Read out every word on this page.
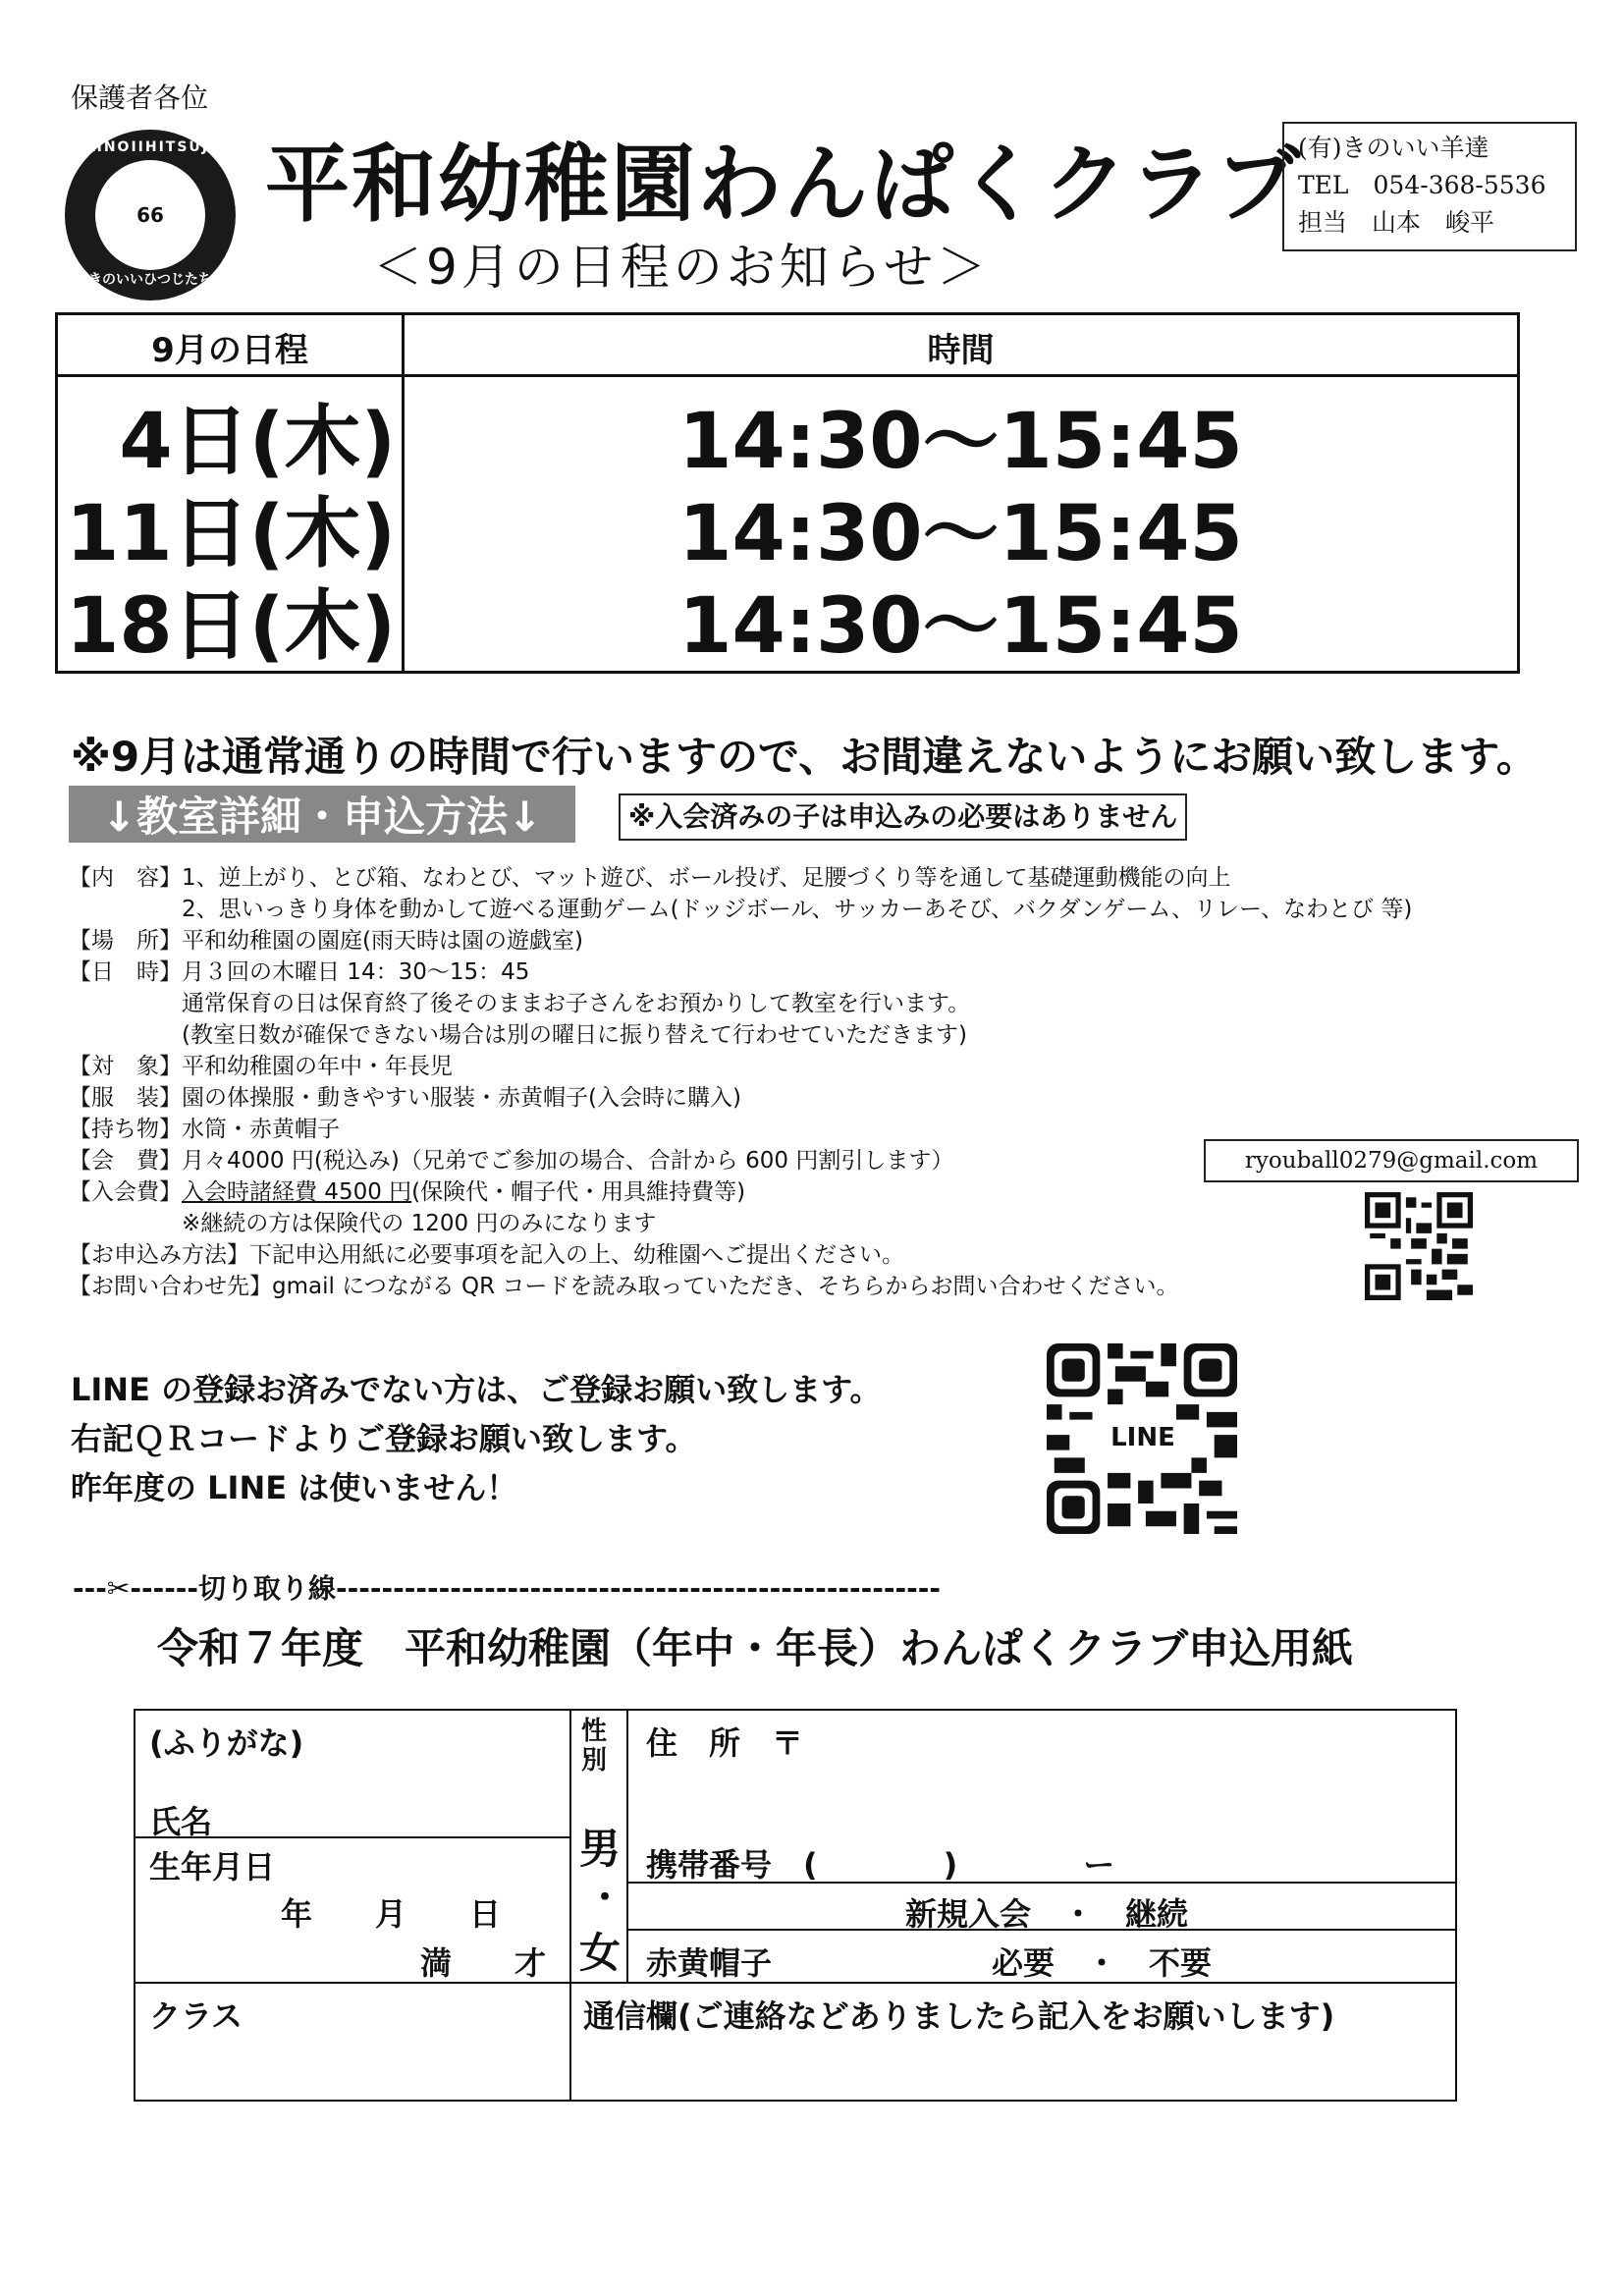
保護者各位
KINOIIHITSUJI
66
きのいいひつじたち
平和幼稚園わんぱくクラブ
＜9月の日程のお知らせ＞
(有)きのいい羊達
TEL　054-368-5536
担当　山本　峻平
9月の日程	時間
4日(木)	14:30〜15:45
11日(木)	14:30〜15:45
18日(木)	14:30〜15:45
※9月は通常通りの時間で行いますので、お間違えないようにお願い致します。
↓教室詳細・申込方法↓	※入会済みの子は申込みの必要はありません
【内　容】1、逆上がり、とび箱、なわとび、マット遊び、ボール投げ、足腰づくり等を通して基礎運動機能の向上
　　　　　2、思いっきり身体を動かして遊べる運動ゲーム(ドッジボール、サッカーあそび、バクダンゲーム、リレー、なわとび 等)
【場　所】平和幼稚園の園庭(雨天時は園の遊戯室)
【日　時】月３回の木曜日 14：30〜15：45
　　　　　通常保育の日は保育終了後そのままお子さんをお預かりして教室を行います。
　　　　　(教室日数が確保できない場合は別の曜日に振り替えて行わせていただきます)
【対　象】平和幼稚園の年中・年長児
【服　装】園の体操服・動きやすい服装・赤黄帽子(入会時に購入)
【持ち物】水筒・赤黄帽子
【会　費】月々4000 円(税込み)（兄弟でご参加の場合、合計から 600 円割引します）
【入会費】入会時諸経費 4500 円(保険代・帽子代・用具維持費等)
　　　　　※継続の方は保険代の 1200 円のみになります
【お申込み方法】下記申込用紙に必要事項を記入の上、幼稚園へご提出ください。
【お問い合わせ先】gmail につながる QR コードを読み取っていただき、そちらからお問い合わせください。
ryouball0279@gmail.com
LINE の登録お済みでない方は、ご登録お願い致します。
右記ＱＲコードよりご登録お願い致します。
昨年度の LINE は使いません！
LINE
---✂------切り取り線-----------------------------------------------------
令和７年度　平和幼稚園（年中・年長）わんぱくクラブ申込用紙
(ふりがな)
氏名
生年月日
年　　月　　日
満　　才
性
別
男
・
女
住　所　〒
携帯番号　(　　　　)　　　　ー
新規入会　・　継続
赤黄帽子	必要　・　不要
クラス	通信欄(ご連絡などありましたら記入をお願いします)
